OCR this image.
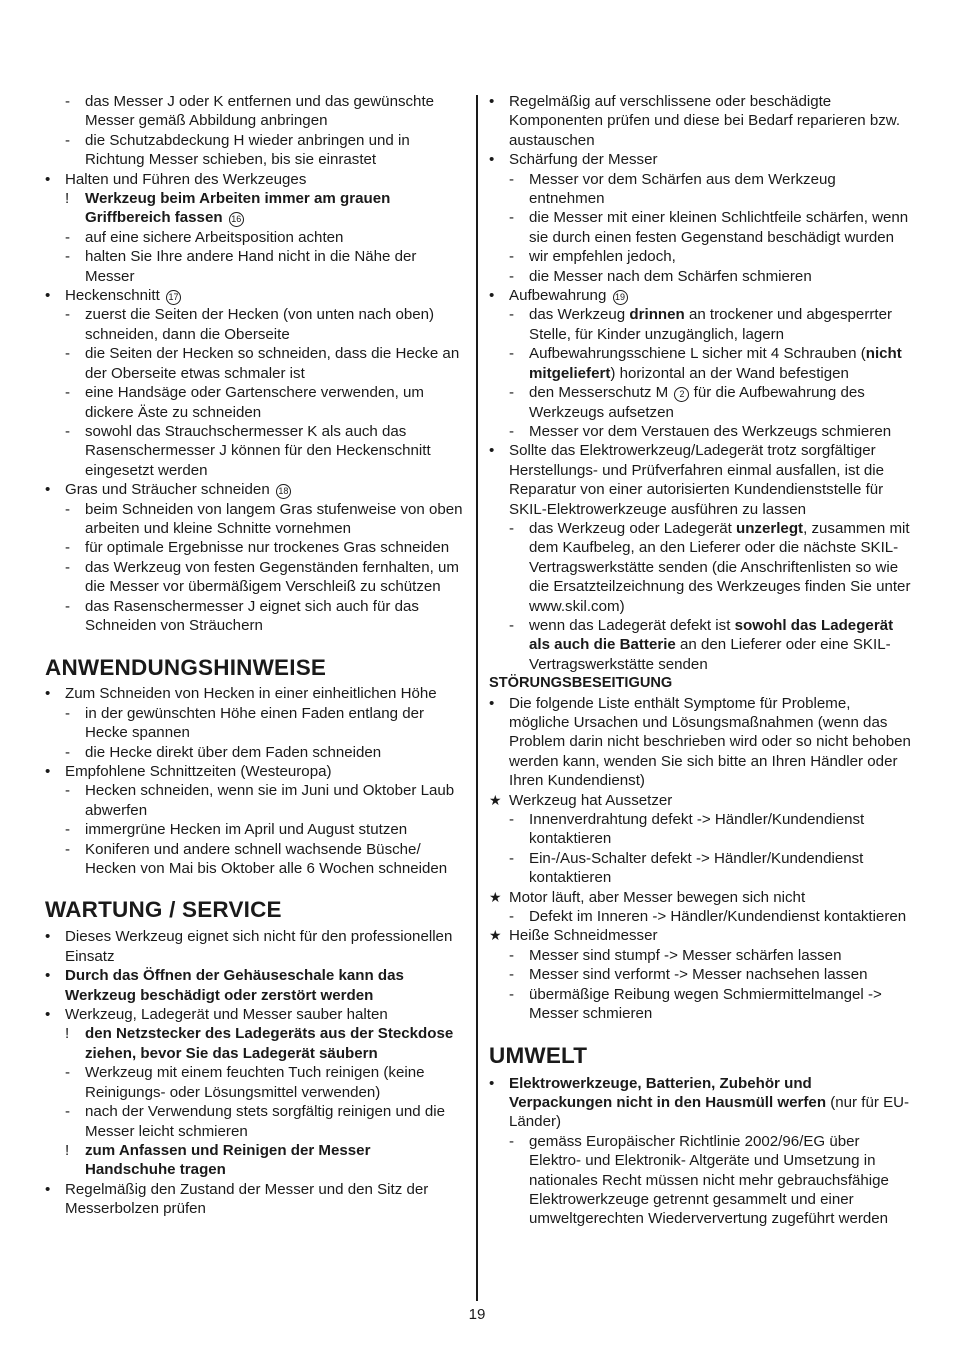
- das Messer J oder K entfernen und das gewünschte Messer gemäß Abbildung anbringen
- die Schutzabdeckung H wieder anbringen und in Richtung Messer schieben, bis sie einrastet
• Halten und Führen des Werkzeuges
!	Werkzeug beim Arbeiten immer am grauen Griffbereich fassen 16
- auf eine sichere Arbeitsposition achten
- halten Sie Ihre andere Hand nicht in die Nähe der Messer
• Heckenschnitt 17
- zuerst die Seiten der Hecken (von unten nach oben) schneiden, dann die Oberseite
- die Seiten der Hecken so schneiden, dass die Hecke an der Oberseite etwas schmaler ist
- eine Handsäge oder Gartenschere verwenden, um dickere Äste zu schneiden
- sowohl das Strauchschermesser K als auch das Rasenschermesser J können für den Heckenschnitt eingesetzt werden
• Gras und Sträucher schneiden 18
- beim Schneiden von langem Gras stufenweise von oben arbeiten und kleine Schnitte vornehmen
- für optimale Ergebnisse nur trockenes Gras schneiden
- das Werkzeug von festen Gegenständen fernhalten, um die Messer vor übermäßigem Verschleiß zu schützen
- das Rasenschermesser J eignet sich auch für das Schneiden von Sträuchern
ANWENDUNGSHINWEISE
• Zum Schneiden von Hecken in einer einheitlichen Höhe
- in der gewünschten Höhe einen Faden entlang der Hecke spannen
- die Hecke direkt über dem Faden schneiden
• Empfohlene Schnittzeiten (Westeuropa)
- Hecken schneiden, wenn sie im Juni und Oktober Laub abwerfen
- immergrüne Hecken im April und August stutzen
- Koniferen und andere schnell wachsende Büsche/ Hecken von Mai bis Oktober alle 6 Wochen schneiden
WARTUNG / SERVICE
• Dieses Werkzeug eignet sich nicht für den professionellen Einsatz
• Durch das Öffnen der Gehäuseschale kann das Werkzeug beschädigt oder zerstört werden
• Werkzeug, Ladegerät und Messer sauber halten
!	den Netzstecker des Ladegeräts aus der Steckdose ziehen, bevor Sie das Ladegerät säubern
- Werkzeug mit einem feuchten Tuch reinigen (keine Reinigungs- oder Lösungsmittel verwenden)
- nach der Verwendung stets sorgfältig reinigen und die Messer leicht schmieren
!	zum Anfassen und Reinigen der Messer Handschuhe tragen
• Regelmäßig den Zustand der Messer und den Sitz der Messerbolzen prüfen
• Regelmäßig auf verschlissene oder beschädigte Komponenten prüfen und diese bei Bedarf reparieren bzw. austauschen
• Schärfung der Messer
- Messer vor dem Schärfen aus dem Werkzeug entnehmen
- die Messer mit einer kleinen Schlichtfeile schärfen, wenn sie durch einen festen Gegenstand beschädigt wurden
- wir empfehlen jedoch,
- die Messer nach dem Schärfen schmieren
• Aufbewahrung 19
- das Werkzeug drinnen an trockener und abgesperrter Stelle, für Kinder unzugänglich, lagern
- Aufbewahrungsschiene L sicher mit 4 Schrauben (nicht mitgeliefert) horizontal an der Wand befestigen
- den Messerschutz M 2 für die Aufbewahrung des Werkzeugs aufsetzen
- Messer vor dem Verstauen des Werkzeugs schmieren
• Sollte das Elektrowerkzeug/Ladegerät trotz sorgfältiger Herstellungs- und Prüfverfahren einmal ausfallen, ist die Reparatur von einer autorisierten Kundendienststelle für SKIL-Elektrowerkzeuge ausführen zu lassen
- das Werkzeug oder Ladegerät unzerlegt, zusammen mit dem Kaufbeleg, an den Lieferer oder die nächste SKIL-Vertragswerkstätte senden (die Anschriftenlisten so wie die Ersatzteilzeichnung des Werkzeuges finden Sie unter www.skil.com)
- wenn das Ladegerät defekt ist sowohl das Ladegerät als auch die Batterie an den Lieferer oder eine SKIL-Vertragswerkstätte senden
STÖRUNGSBESEITIGUNG
• Die folgende Liste enthält Symptome für Probleme, mögliche Ursachen und Lösungsmaßnahmen (wenn das Problem darin nicht beschrieben wird oder so nicht behoben werden kann, wenden Sie sich bitte an Ihren Händler oder Ihren Kundendienst)
★ Werkzeug hat Aussetzer
- Innenverdrahtung defekt -> Händler/Kundendienst kontaktieren
- Ein-/Aus-Schalter defekt -> Händler/Kundendienst kontaktieren
★ Motor läuft, aber Messer bewegen sich nicht
- Defekt im Inneren -> Händler/Kundendienst kontaktieren
★ Heiße Schneidmesser
- Messer sind stumpf -> Messer schärfen lassen
- Messer sind verformt -> Messer nachsehen lassen
- übermäßige Reibung wegen Schmiermittelmangel -> Messer schmieren
UMWELT
• Elektrowerkzeuge, Batterien, Zubehör und Verpackungen nicht in den Hausmüll werfen (nur für EU-Länder)
- gemäss Europäischer Richtlinie 2002/96/EG über Elektro- und Elektronik- Altgeräte und Umsetzung in nationales Recht müssen nicht mehr gebrauchsfähige Elektrowerkzeuge getrennt gesammelt und einer umweltgerechten Wiederververtung zugeführt werden
19
